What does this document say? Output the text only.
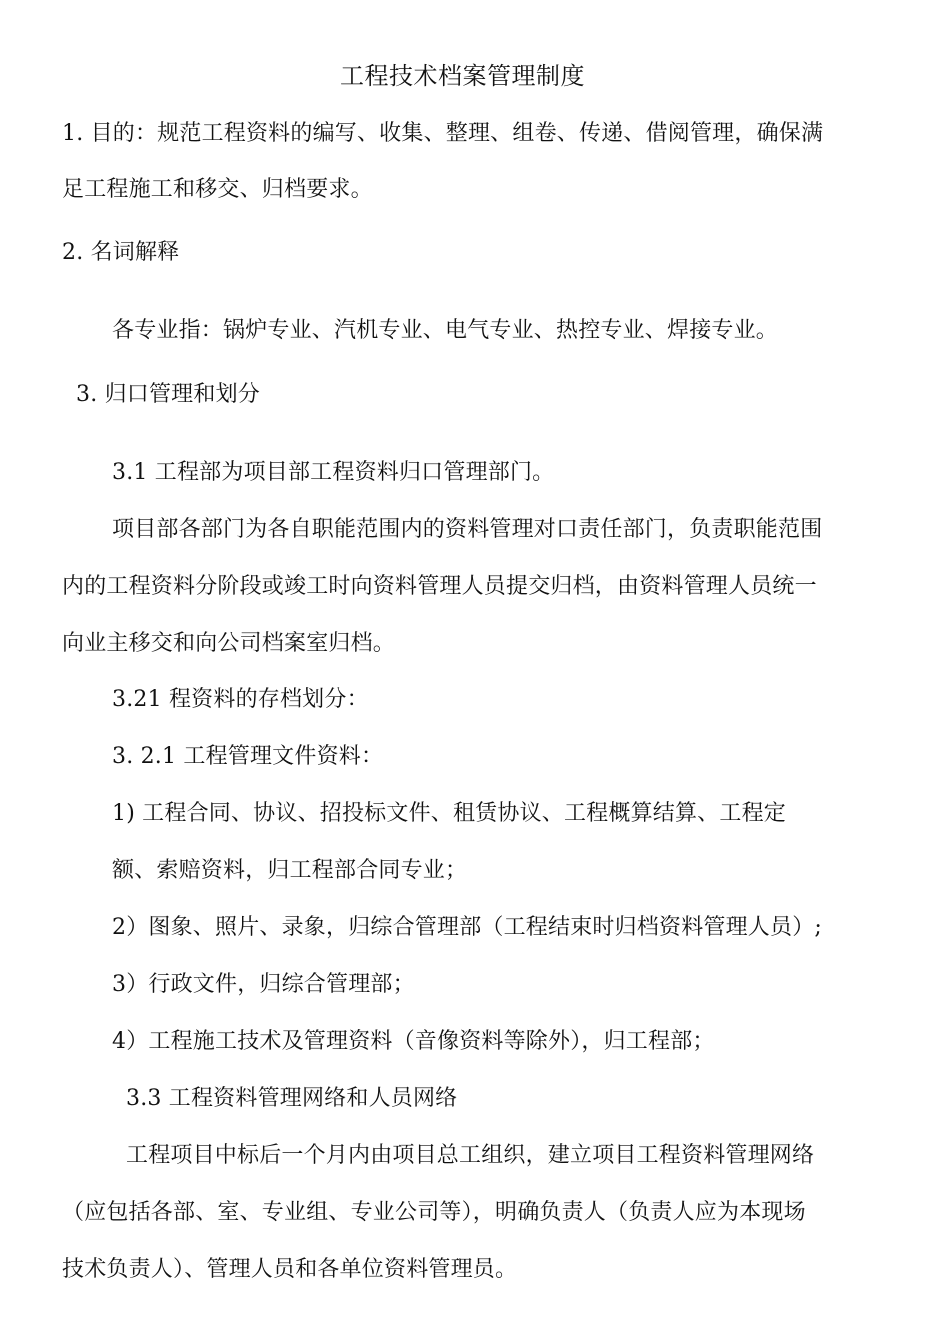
工程技术档案管理制度
1. 目的：规范工程资料的编写、收集、整理、组卷、传递、借阅管理，确保满
足工程施工和移交、归档要求。
2. 名词解释
各专业指：锅炉专业、汽机专业、电气专业、热控专业、焊接专业。
3. 归口管理和划分
3.1 工程部为项目部工程资料归口管理部门。
项目部各部门为各自职能范围内的资料管理对口责任部门，负责职能范围
内的工程资料分阶段或竣工时向资料管理人员提交归档，由资料管理人员统一
向业主移交和向公司档案室归档。
3.21 程资料的存档划分：
3. 2.1 工程管理文件资料：
1) 工程合同、协议、招投标文件、租赁协议、工程概算结算、工程定
额、索赔资料，归工程部合同专业；
2）图象、照片、录象，归综合管理部（工程结束时归档资料管理人员）;
3）行政文件，归综合管理部；
4）工程施工技术及管理资料（音像资料等除外），归工程部；
3.3 工程资料管理网络和人员网络
工程项目中标后一个月内由项目总工组织，建立项目工程资料管理网络
（应包括各部、室、专业组、专业公司等），明确负责人（负责人应为本现场
技术负责人）、管理人员和各单位资料管理员。
